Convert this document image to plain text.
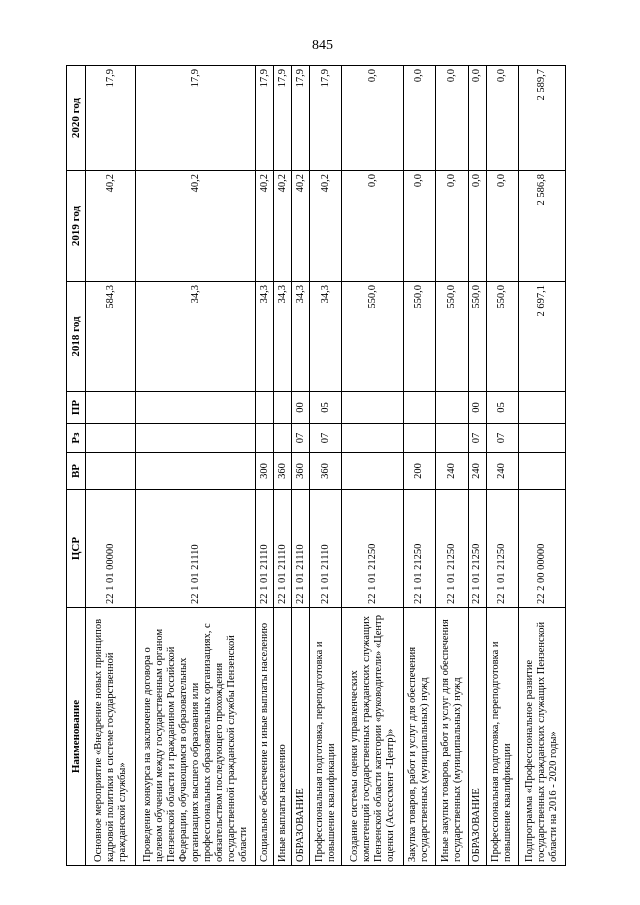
845
Наименование	ЦСР	ВР	Рз	ПР	2018 год	2019 год	2020 год
Основное мероприятие «Внедрение новых принципов кадровой политики в системе государственной гражданской службы»	22 1 01 00000				584,3	40,2	17,9
Проведение конкурса на заключение договора о целевом обучении между государственным органом Пензенской области и гражданином Российской Федерации, обучающимся в образовательных организациях высшего образования или профессиональных образовательных организациях, с обязательством последующего прохождения государственной гражданской службы Пензенской области	22 1 01 21110				34,3	40,2	17,9
Социальное обеспечение и иные выплаты населению	22 1 01 21110	300			34,3	40,2	17,9
Иные выплаты населению	22 1 01 21110	360			34,3	40,2	17,9
ОБРАЗОВАНИЕ	22 1 01 21110	360	07	00	34,3	40,2	17,9
Профессиональная подготовка, переподготовка и повышение квалификации	22 1 01 21110	360	07	05	34,3	40,2	17,9
Создание системы оценки управленческих компетенций государственных гражданских служащих Пензенской области категории «руководители» «Центр оценки (Ассессмент -Центр)»	22 1 01 21250				550,0	0,0	0,0
Закупка товаров, работ и услуг для обеспечения государственных (муниципальных) нужд	22 1 01 21250	200			550,0	0,0	0,0
Иные закупки товаров, работ и услуг для обеспечения государственных (муниципальных) нужд	22 1 01 21250	240			550,0	0,0	0,0
ОБРАЗОВАНИЕ	22 1 01 21250	240	07	00	550,0	0,0	0,0
Профессиональная подготовка, переподготовка и повышение квалификации	22 1 01 21250	240	07	05	550,0	0,0	0,0
Подпрограмма «Профессиональное развитие государственных гражданских служащих Пензенской области на 2016 - 2020 годы»	22 2 00 00000				2 697,1	2 586,8	2 589,7
